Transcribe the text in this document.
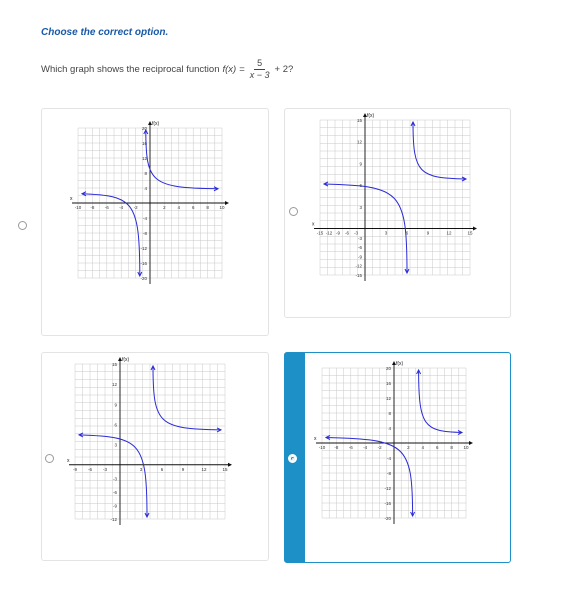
Choose the correct option.
Which graph shows the reciprocal function $f(x) = \frac{5}{x - 3} + 2$?
f(x)
x
-10 -8 -6 -4 -2	2	4	6	8 10
20
16
12
8
4
-4
-8
-12
-16
-20
f(x)
x
-15 -12 -9 -6 -3	3	6	9	12	15
15
12
9
6
3
-3
-6
-9
-12
-15
f(x)
x
-9 -6 -3	3	6	9	12	15
15
12
9
6
3
-3
-6
-9
-12
f(x)
x
-10 -8 -6 -4 -2	2	4	6	8 10
20
16
12
8
4
-4
-8
-12
-16
-20
